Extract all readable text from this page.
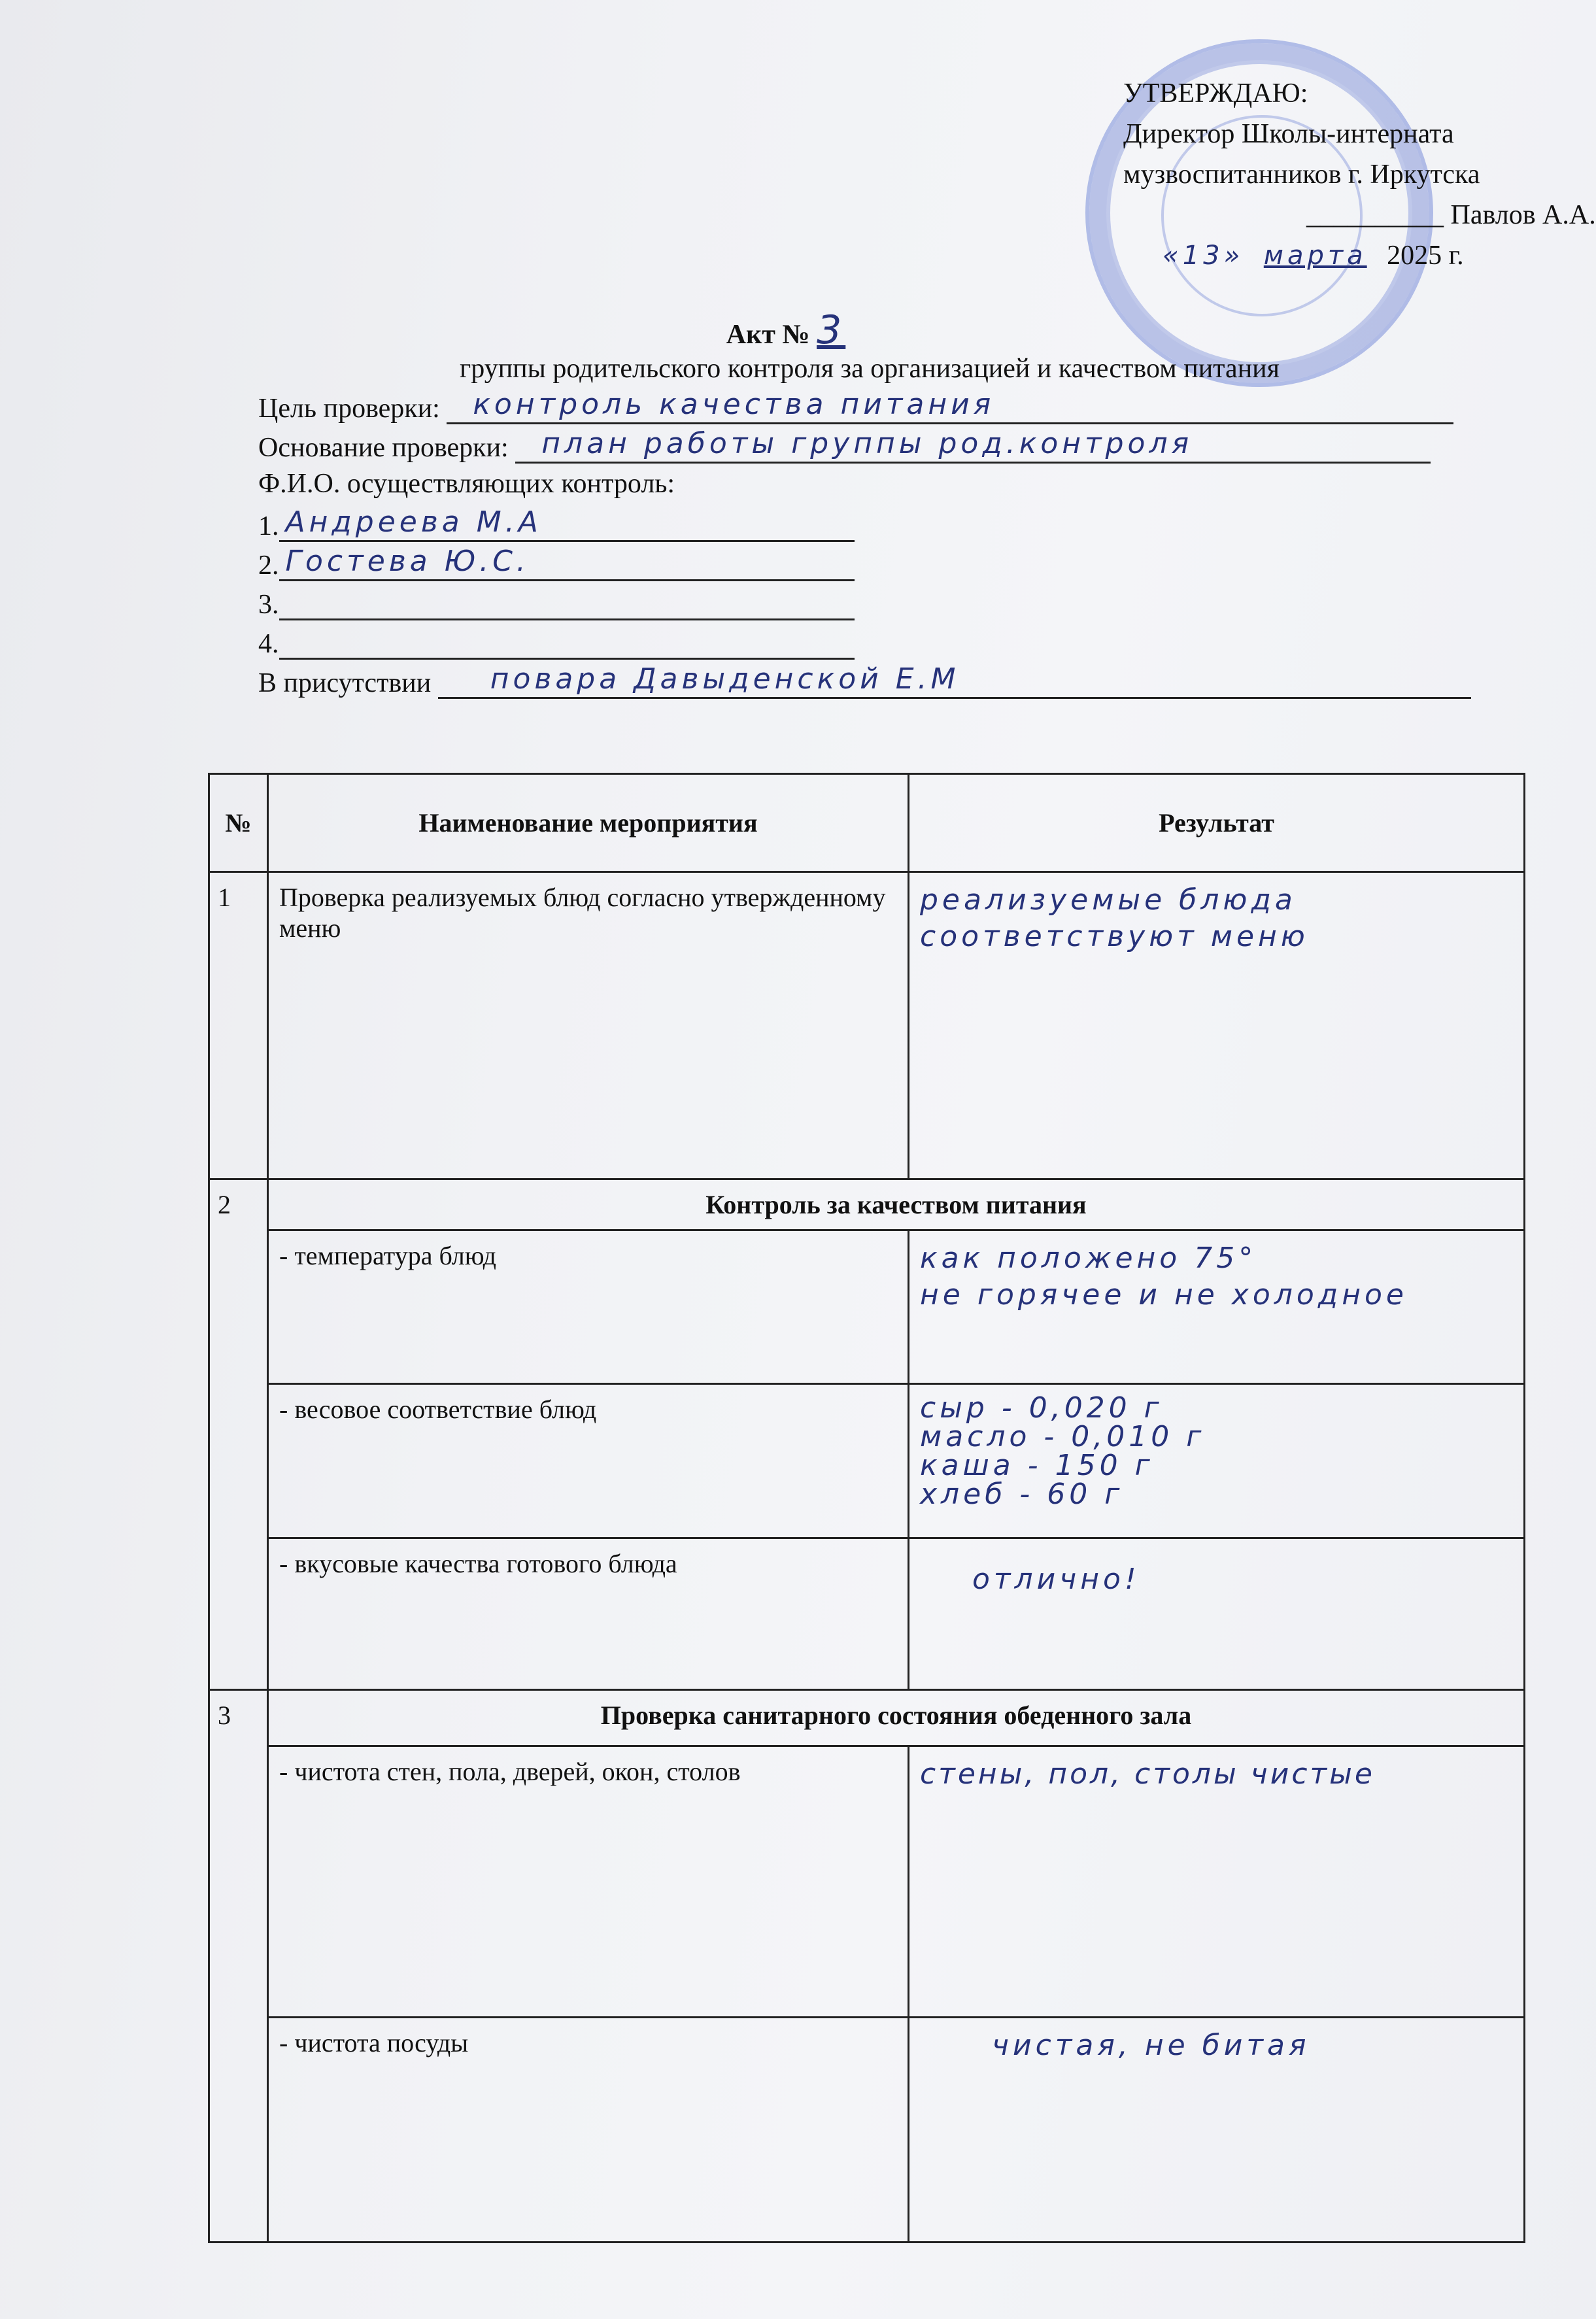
УТВЕРЖДАЮ:
Директор Школы-интерната
музвоспитанников г. Иркутска
__________ Павлов А.А.
«13» марта 2025 г.
Акт № 3
группы родительского контроля за организацией и качеством питания
Цель проверки: контроль качества питания
Основание проверки: план работы группы род.контроля
Ф.И.О. осуществляющих контроль:
1. Андреева М.А
2. Гостева Ю.С.
3.
4.
В присутствии повара Давыденской Е.М
№	Наименование мероприятия	Результат
1	Проверка реализуемых блюд согласно утвержденному меню	реализуемые блюда
соответствуют меню

2	Контроль за качеством питания	
	- температура блюд	как положено 75°
не горячее и не холодное

	- весовое соответствие блюд	сыр - 0,020 г
масло - 0,010 г
каша - 150 г
хлеб - 60 г

	- вкусовые качества готового блюда	отлично!

3	Проверка санитарного состояния обеденного зала	
	- чистота стен, пола, дверей, окон, столов	стены, пол, столы чистые

	- чистота посуды	чистая, не битая
